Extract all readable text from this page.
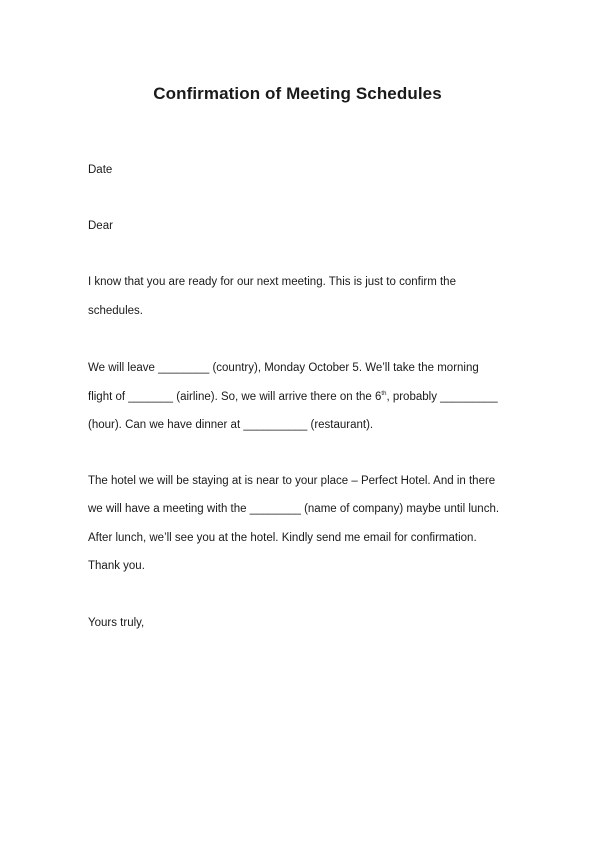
Confirmation of Meeting Schedules
Date
Dear
I know that you are ready for our next meeting. This is just to confirm the
schedules.
We will leave ________ (country), Monday October 5. We’ll take the morning
flight of _______ (airline). So, we will arrive there on the 6th, probably _________
(hour). Can we have dinner at __________ (restaurant).
The hotel we will be staying at is near to your place – Perfect Hotel. And in there
we will have a meeting with the ________ (name of company) maybe until lunch.
After lunch, we’ll see you at the hotel. Kindly send me email for confirmation.
Thank you.
Yours truly,
